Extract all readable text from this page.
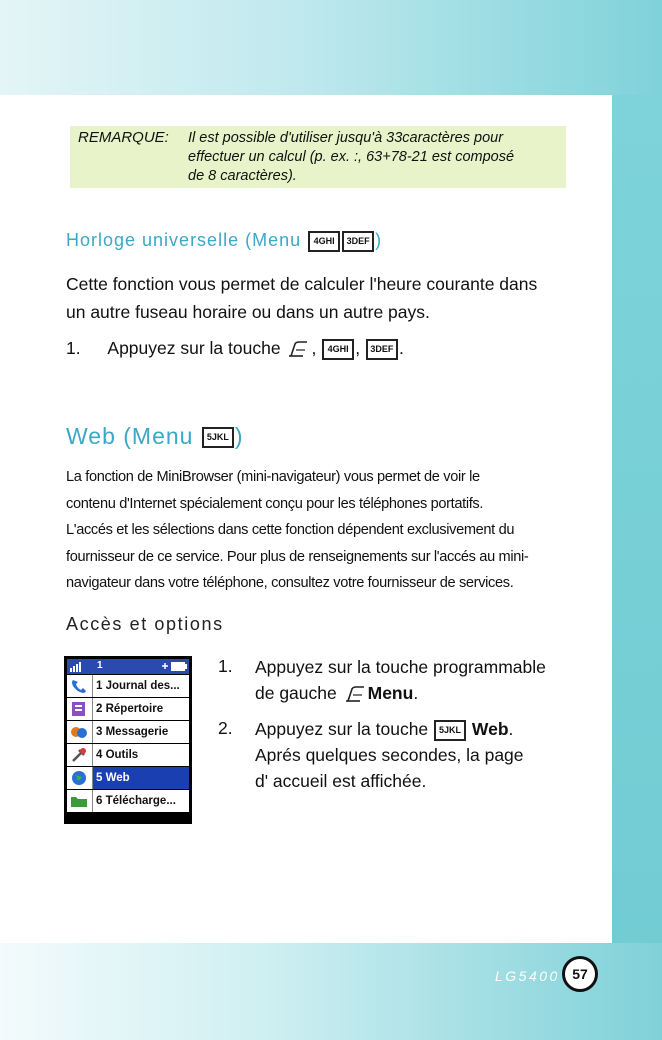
REMARQUE: Il est possible d'utiliser jusqu'à 33caractères pour
effectuer un calcul (p. ex. :, 63+78-21 est composé
de 8 caractères).
Horloge universelle (Menu 4GHI 3DEF )
Cette fonction vous permet de calculer l'heure courante dans
un autre fuseau horaire ou dans un autre pays.
1. Appuyez sur la touche , 4GHI , 3DEF .
Web (Menu 5JKL )
La fonction de MiniBrowser (mini-navigateur) vous permet de voir le
contenu d'Internet spécialement conçu pour les téléphones portatifs.
L'accés et les sélections dans cette fonction dépendent exclusivement du
fournisseur de ce service. Pour plus de renseignements sur l'accés au mini-
navigateur dans votre téléphone, consultez votre fournisseur de services.
Accès et options
1
1 Journal des...
2 Répertoire
3 Messagerie
4 Outils
5 Web
6 Télécharge...
1. Appuyez sur la touche programmable
de gauche Menu.
2. Appuyez sur la touche 5JKL Web.
Aprés quelques secondes, la page
d' accueil est affichée.
LG5400 57
